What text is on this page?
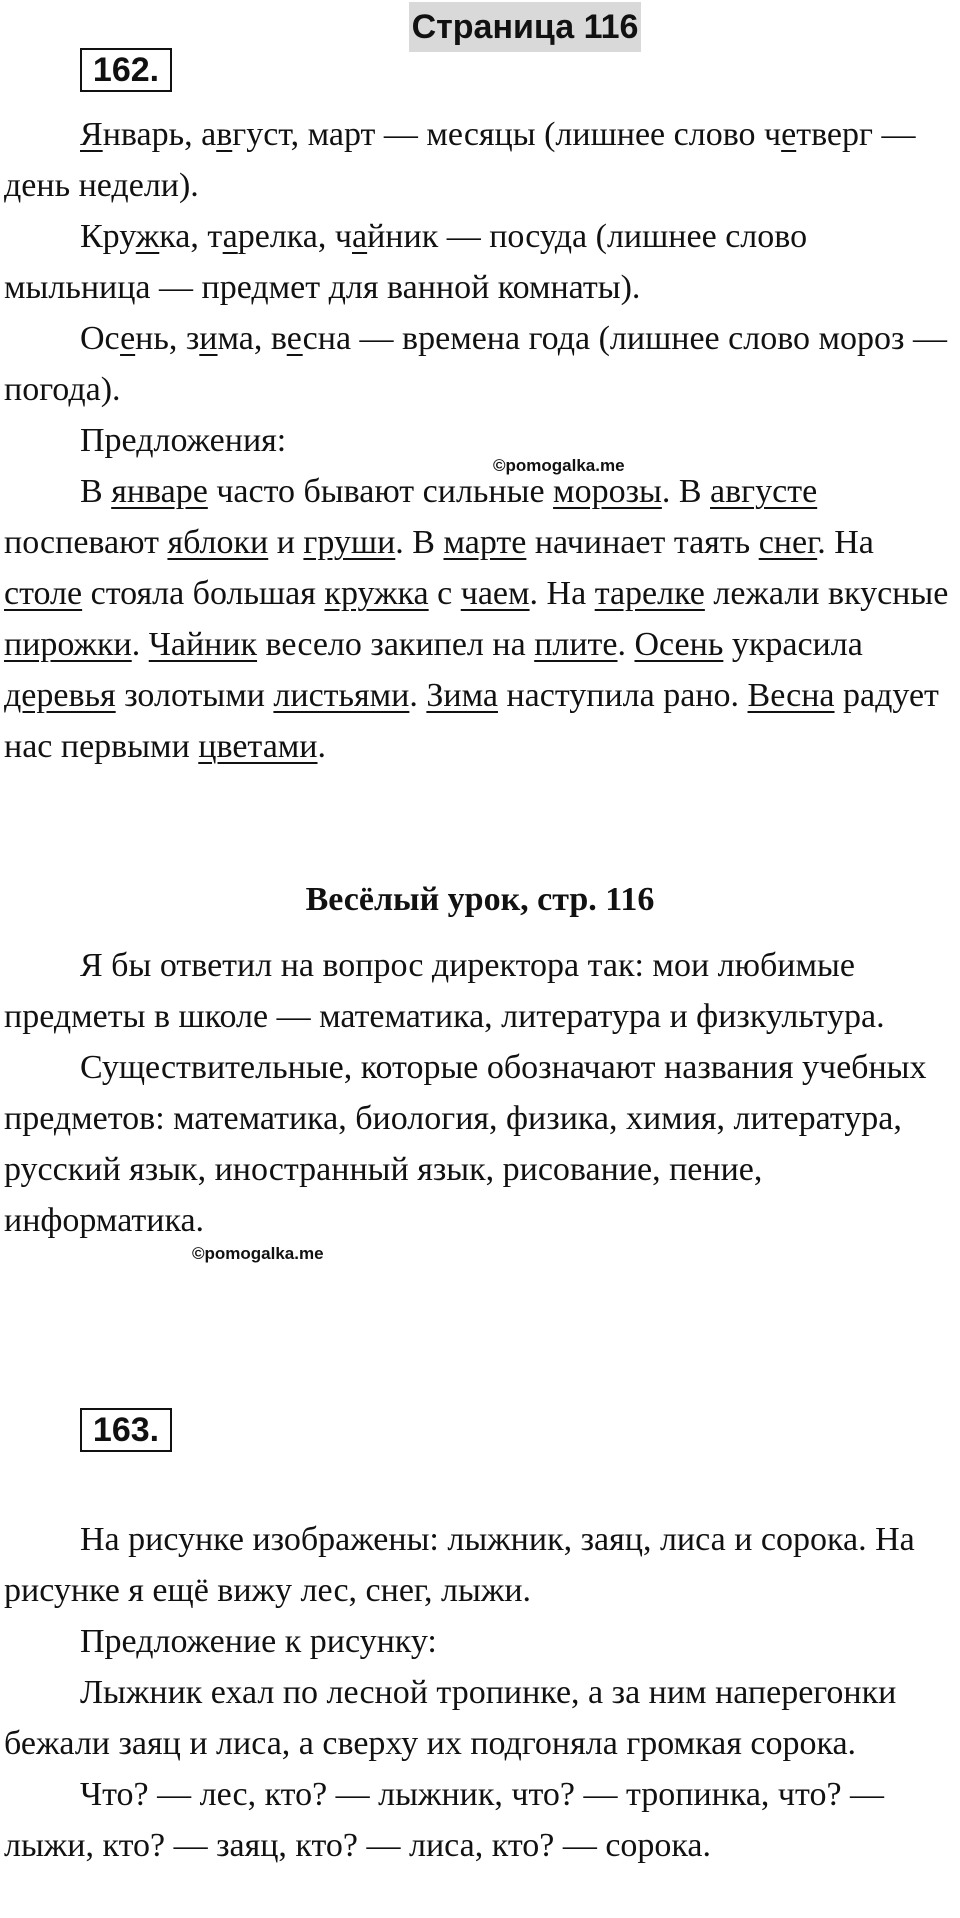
Страница 116
162.

Январь, август, март — месяцы (лишнее слово четверг — день недели).

Кружка, тарелка, чайник — посуда (лишнее слово мыльница — предмет для ванной комнаты).

Осень, зима, весна — времена года (лишнее слово мороз — погода).

Предложения:

В январе часто бывают сильные морозы. В августе поспевают яблоки и груши. В марте начинает таять снег. На столе стояла большая кружка с чаем. На тарелке лежали вкусные пирожки. Чайник весело закипел на плите. Осень украсила деревья золотыми листьями. Зима наступила рано. Весна радует нас первыми цветами.

©pomogalka.me
Весёлый урок, стр. 116

Я бы ответил на вопрос директора так: мои любимые предметы в школе — математика, литература и физкультура.

Существительные, которые обозначают названия учебных предметов: математика, биология, физика, химия, литература, русский язык, иностранный язык, рисование, пение, информатика.

©pomogalka.me
163.

На рисунке изображены: лыжник, заяц, лиса и сорока. На рисунке я ещё вижу лес, снег, лыжи.

Предложение к рисунку:

Лыжник ехал по лесной тропинке, а за ним наперегонки бежали заяц и лиса, а сверху их подгоняла громкая сорока.

Что? — лес, кто? — лыжник, что? — тропинка, что? — лыжи, кто? — заяц, кто? — лиса, кто? — сорока.
